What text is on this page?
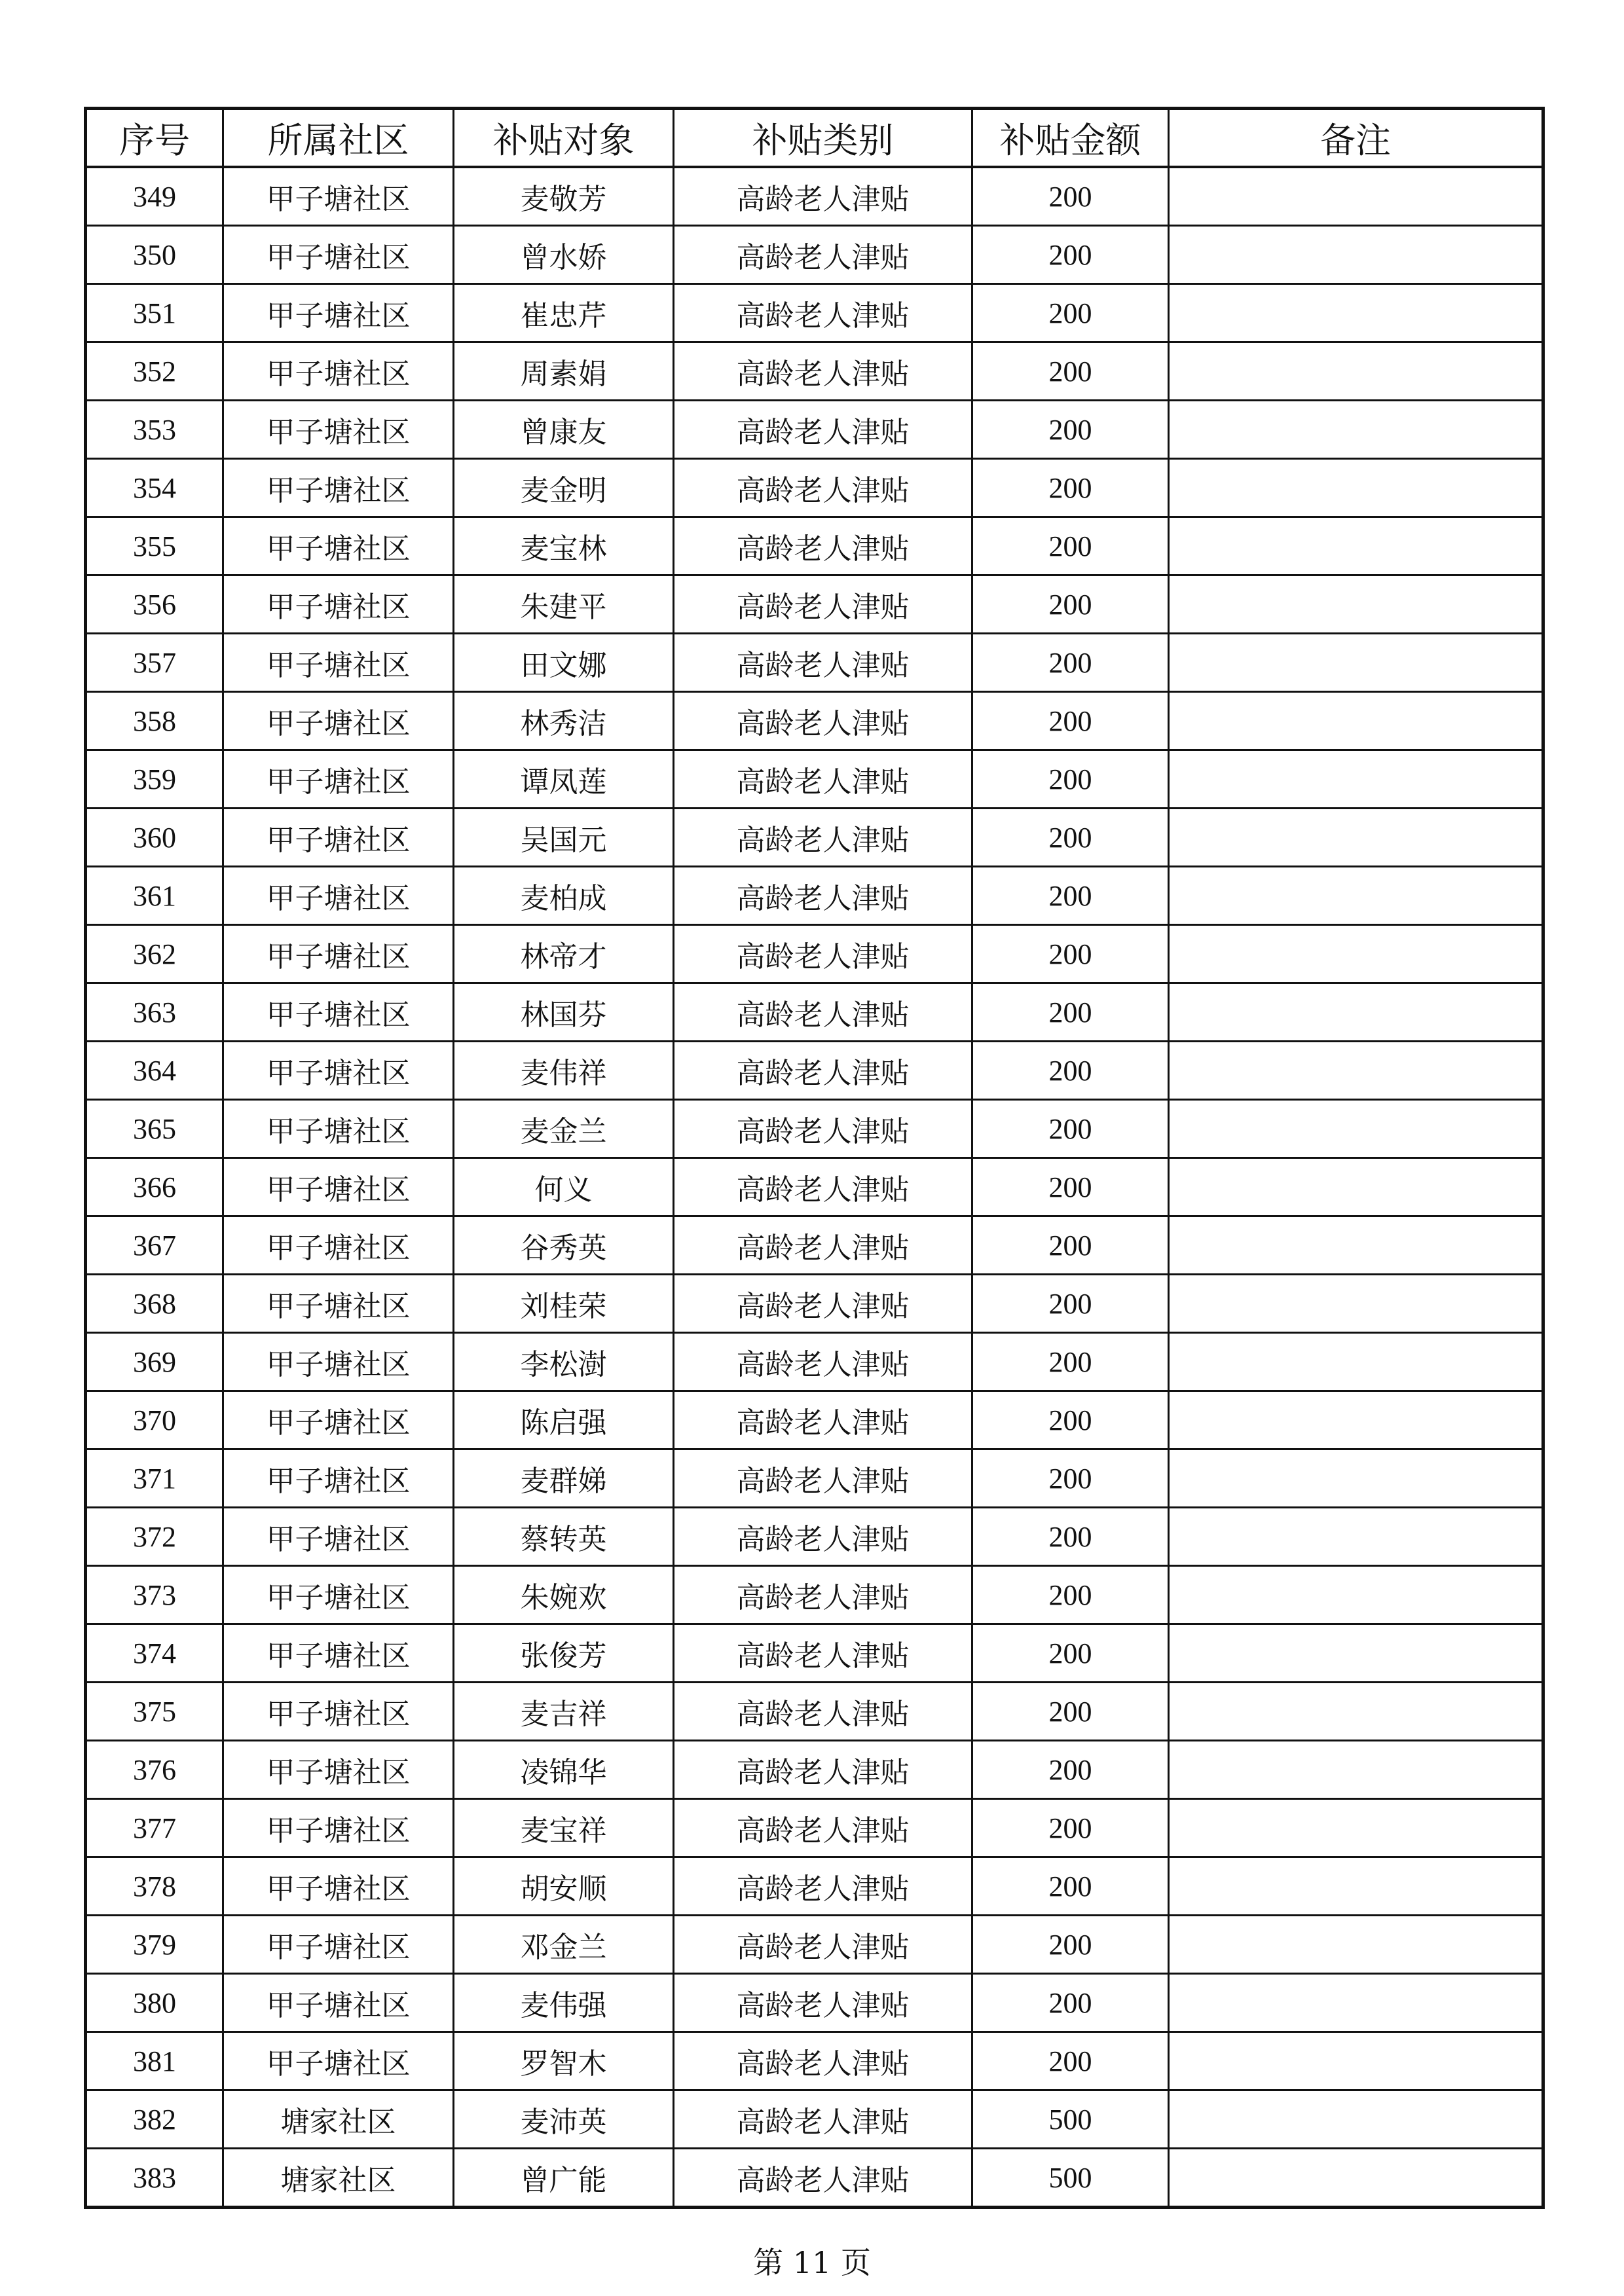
序号	所属社区	补贴对象	补贴类别	补贴金额	备注
349	甲子塘社区	麦敬芳	高龄老人津贴	200	
350	甲子塘社区	曾水娇	高龄老人津贴	200	
351	甲子塘社区	崔忠芹	高龄老人津贴	200	
352	甲子塘社区	周素娟	高龄老人津贴	200	
353	甲子塘社区	曾康友	高龄老人津贴	200	
354	甲子塘社区	麦金明	高龄老人津贴	200	
355	甲子塘社区	麦宝林	高龄老人津贴	200	
356	甲子塘社区	朱建平	高龄老人津贴	200	
357	甲子塘社区	田文娜	高龄老人津贴	200	
358	甲子塘社区	林秀洁	高龄老人津贴	200	
359	甲子塘社区	谭凤莲	高龄老人津贴	200	
360	甲子塘社区	吴国元	高龄老人津贴	200	
361	甲子塘社区	麦柏成	高龄老人津贴	200	
362	甲子塘社区	林帝才	高龄老人津贴	200	
363	甲子塘社区	林国芬	高龄老人津贴	200	
364	甲子塘社区	麦伟祥	高龄老人津贴	200	
365	甲子塘社区	麦金兰	高龄老人津贴	200	
366	甲子塘社区	何义	高龄老人津贴	200	
367	甲子塘社区	谷秀英	高龄老人津贴	200	
368	甲子塘社区	刘桂荣	高龄老人津贴	200	
369	甲子塘社区	李松澍	高龄老人津贴	200	
370	甲子塘社区	陈启强	高龄老人津贴	200	
371	甲子塘社区	麦群娣	高龄老人津贴	200	
372	甲子塘社区	蔡转英	高龄老人津贴	200	
373	甲子塘社区	朱婉欢	高龄老人津贴	200	
374	甲子塘社区	张俊芳	高龄老人津贴	200	
375	甲子塘社区	麦吉祥	高龄老人津贴	200	
376	甲子塘社区	凌锦华	高龄老人津贴	200	
377	甲子塘社区	麦宝祥	高龄老人津贴	200	
378	甲子塘社区	胡安顺	高龄老人津贴	200	
379	甲子塘社区	邓金兰	高龄老人津贴	200	
380	甲子塘社区	麦伟强	高龄老人津贴	200	
381	甲子塘社区	罗智木	高龄老人津贴	200	
382	塘家社区	麦沛英	高龄老人津贴	500	
383	塘家社区	曾广能	高龄老人津贴	500	
第 11 页
